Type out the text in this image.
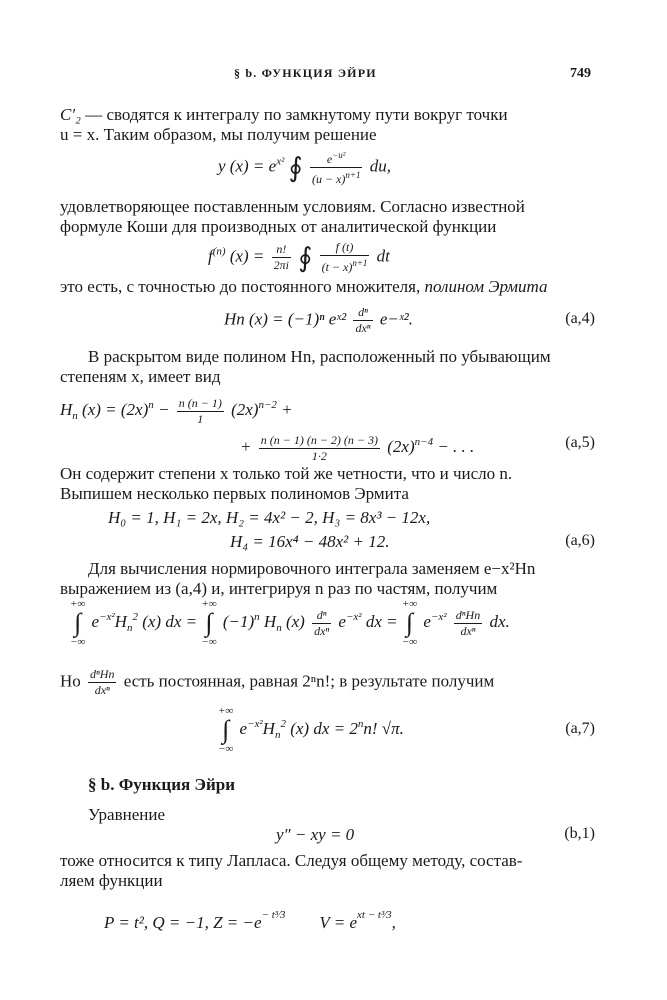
§ b. ФУНКЦИЯ ЭЙРИ	749
C′₂ — сводятся к интегралу по замкнутому пути вокруг точки
u = x. Таким образом, мы получим решение
y $(x) = e^{x^2}$ ∮ $\frac{e^{-u^2}}{(u - x)^{n+1}}$ du,
удовлетворяющее поставленным условиям. Согласно известной
формуле Коши для производных от аналитической функции
$f^{(n)}$ $(x) = \frac{n!}{2\pi i}$ ∮ $\frac{f (t)}{(t - x)^{n+1}}$ dt
это есть, с точностью до постоянного множителя, полином Эрмита
Hn (x) = (−1)ⁿ eˣ² $\frac{\text{dⁿ}}{\text{dxⁿ}}$ e−ˣ².	(a,4)
В раскрытом виде полином Hn, расположенный по убывающим
степеням x, имеет вид
$H_n$ $(x) = (2x)^n - \frac{n (n - 1)}{1} (2x)^{n-2}$ +
+ $\frac{n (n - 1) (n - 2) (n - 3)}{1\cdot 2} (2x)^{n-4}$ − . . .	(a,5)
Он содержит степени x только той же четности, что и число n.
Выпишем несколько первых полиномов Эрмита
H₀ = 1, H₁ = 2x, H₂ = 4x² − 2, H₃ = 8x³ − 12x,
H₄ = 16x⁴ − 48x² + 12.	(a,6)
Для вычисления нормировочного интеграла заменяем e−x²Hn
выражением из (a,4) и, интегрируя n раз по частям, получим
+∞
∫
−∞
$e^{-x^2}H_n^2$ (x) dx =
+∞
∫
−∞
$(-1)^n$ $H_n$ $(x) \frac{\text{dⁿ}}{\text{dxⁿ}} e^{-x^2}$ dx =
+∞
∫
−∞
$e^{-x^2} \frac{\text{dⁿHn}}{\text{dxⁿ}}$ dx.
Но $\frac{\text{dⁿHn}}{\text{dxⁿ}}$ есть постоянная, равная 2ⁿn!; в результате получим
+∞
∫
−∞
$e^{-x^2}H_n^2$ (x) dx = $2^nn$! √π.	(a,7)
§ b. Функция Эйри
Уравнение
y″ − xy = 0	(b,1)
тоже относится к типу Лапласа. Следуя общему методу, состав-
ляем функции
P = t², Q = −1, $Z = -e^{- t^3⁄3}$ $V = e^{xt - t^3⁄3}$,
